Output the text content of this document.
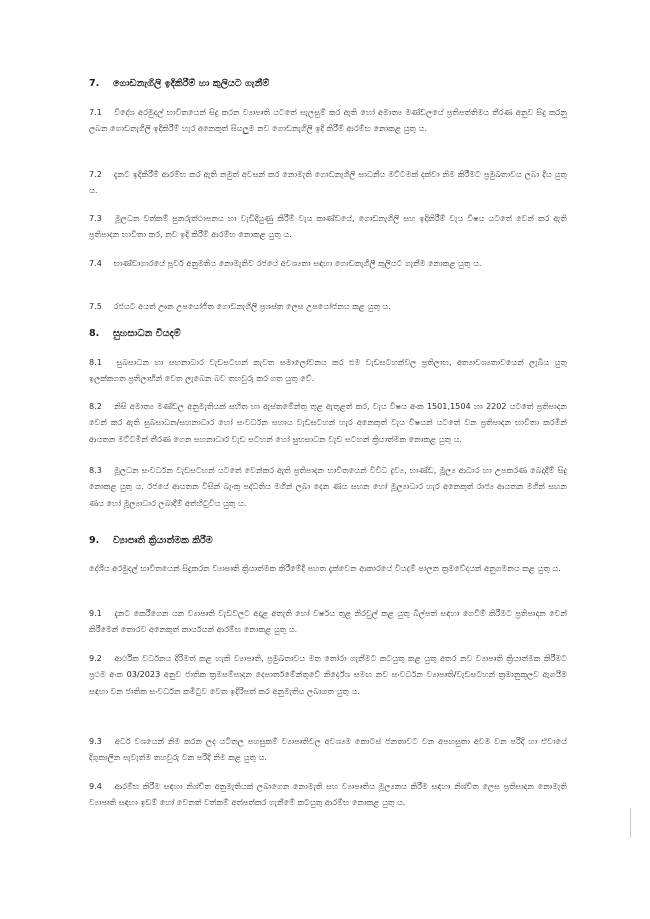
7. ගොඩනැගිලි ඉදිකිරීම් හා කුලියට ගැනීම්
7.1 විදේශ අරමුදල් භාවිතයෙන් සිදු කරන ව්‍යාපෘති යටතේ සැලසුම් කර ඇති හෝ අමාත්‍ය මණ්ඩලයේ ප්‍රතිපත්තිමය තීරණ අනුව සිදු කරනු ලබන ගොඩනැගිලි ඉදිකිරීම් හැර අනෙකුත් සියලුම නව ගොඩනැගිලි ඉදි කිරීම් ආරම්භ නොකළ යුතු ය.
7.2 දැනට ඉදිකිරීම් ආරම්භ කර ඇති නමුත් අවසන් කර නොමැති ගොඩනැගිලි සාධනීය මට්ටමක් දක්වා නිම කිරීමට ප්‍රමුඛතාවය ලබා දිය යුතු ය.
7.3 මූලධන වත්කම් පුනරුත්ථාපනය හා වැඩිදියුණු කිරීම් වැය කාණ්ඩයේ, ගොඩනැගිලි සහ ඉදිකිරීම් වැය විෂය යටතේ වෙන් කර ඇති ප්‍රතිපාදන භාවිතා කර, නව ඉදි කිරීම් ආරම්භ නොකළ යුතු ය.
7.4 භාණ්ඩාගාරයේ පූර්ව අනුමතිය නොමැතිව රජයේ අවශ්‍යතා සඳහා ගොඩනැගිලි කුලියට ගැනීම නොකළ යුතු ය.
7.5 රජයට අයත් ඌන උපයෝජිත ගොඩනැගිලි ප්‍රශස්ත ලෙස උපයෝජනය කළ යුතු ය.
8. සුභසාධන වියදම්
8.1 සුබසාධන හා සහනාධාර වැඩසටහන් නැවත සමාලෝචනය කර එම වැඩසටහන්වල ප්‍රතිලාභ, අත්‍යාවශ්‍යතාවයෙන් ලැබිය යුතු ඉලක්කගත ප්‍රතිලාභීන් වෙත ලැබෙන බව තහවුරු කර ගත යුතු වේ.
8.2 නිසි අමාත්‍ය මණ්ඩල අනුමැතියක් සහිත හා ඇස්තමේන්තු තුළ ඇතුළත් කර, වැය විෂය අංක 1501,1504 හා 2202 යටතේ ප්‍රතිපාදන වෙන් කර ඇති සුබසාධන/සහනාධාර හෝ සංවර්ධන සහාය වැඩසටහන් හැර අනෙකුත් වැය විෂයන් යටතේ වන ප්‍රතිපාදන භාවිතා කරමින් ආයතන මට්ටමින් තීරණ ගෙන සහනාධාර වැඩ සටහන් හෝ සුභසාධන වැඩ සටහන් ක්‍රියාත්මක නොකළ යුතු ය.
8.3 මූලධන සංවර්ධන වැඩසටහන් යටතේ වෙන්කර ඇති ප්‍රතිපාදන භාවිතයෙන් විවිධ ද්‍රව්‍ය, භාණ්ඩ, මූල්‍ය ආධාර හා උපකරණ බෙදාදීම් සිදු නොකළ යුතු ය. රජයේ ආයතන විසින් බැංකු පද්ධතිය මගින් ලබා දෙන ණය සහන හෝ මූල්‍යාධාර හැර අනෙකුත් රාජ්‍ය ආයතන මගින් සහන ණය හෝ මූල්‍යාධාර ලබාදීම් අත්හිටුවිය යුතු ය.
9. ව්‍යාපෘති ක්‍රියාත්මක කිරීම
දේශීය අරමුදල් භාවිතයෙන් සිදුකරන ව්‍යාපෘති ක්‍රියාත්මක කිරීමේදී පහත දැක්වෙන ආකාරයේ වියදම් පාලන ක්‍රමවේදයන් අනුගමනය කළ යුතු ය.
9.1 දැනට කෙරීගෙන යන ව්‍යාපෘති වැඩවලට අදාළ අතැති හෝ වර්ෂය තුළ නිරවුල් කළ යුතු බිල්පත් සඳහා ගෙවීම් කිරීමට ප්‍රතිපාදන වෙන් කිරීමෙන් තොරව අනෙකුත් කාර්යයන් ආරම්භ නොකළ යුතු ය.
9.2 ආර්ථික වර්ධනය දිරිමත් කළ හැකි ව්‍යාපෘති, ප්‍රමුඛතාවය මත තෝරා ගැනීමට කටයුතු කළ යුතු අතර නව ව්‍යාපෘති ක්‍රියාත්මක කිරීමට ප්‍රථම අංක 03/2023 අනුව ජාතික ක්‍රමසම්පාදන දෙපාර්තමේන්තුවේ නිර්දේශ සමඟ නව සංවර්ධන ව්‍යාපෘති/වැඩසටහන් ක්‍රමානුකූලව ඇගයීම සඳහා වන ජාතික සංවර්ධන කමිටුව වෙත ඉදිරිපත් කර අනුමැතිය ලබාගත යුතු ය.
9.3 අර්ධ වශයෙන් නිම කරන ලද යටිතල පහසුකම් ව්‍යාපෘතිවල අවශ්‍යම කොටස් ජනතාවට වන අපහසුතා අවම වන පරිදි හා ඒවායේ දිගුකාලීන පැවැත්ම තහවුරු වන පරිදි නිම කළ යුතු ය.
9.4 ආරම්භ කිරීම සඳහා නිශ්චිත අනුමැතියක් ලබාගෙන නොමැති සහ ව්‍යාපෘතිය මූල්‍යනය කිරීම සඳහා නිශ්චිත ලෙස ප්‍රතිපාදන නොමැති ව්‍යාපෘති සඳහා ඉඩම් හෝ වෙනත් වත්කම් අත්පත්කර ගැනීමේ කටයුතු ආරම්භ නොකළ යුතු ය.
